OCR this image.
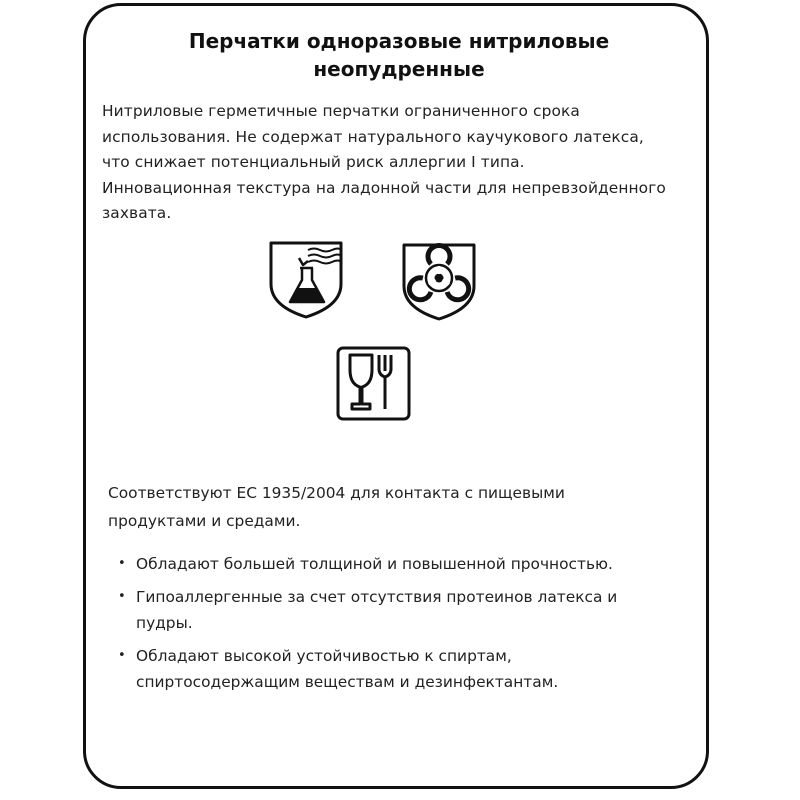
Перчатки одноразовые нитриловые
неопудренные

Нитриловые герметичные перчатки ограниченного срока
использования. Не содержат натурального каучукового латекса,
что снижает потенциальный риск аллергии I типа.
Инновационная текстура на ладонной части для непревзойденного
захвата.

Соответствуют EC 1935/2004 для контакта с пищевыми
продуктами и средами.

• Обладают большей толщиной и повышенной прочностью.
• Гипоаллергенные за счет отсутствия протеинов латекса и
пудры.
• Обладают высокой устойчивостью к спиртам,
спиртосодержащим веществам и дезинфектантам.
